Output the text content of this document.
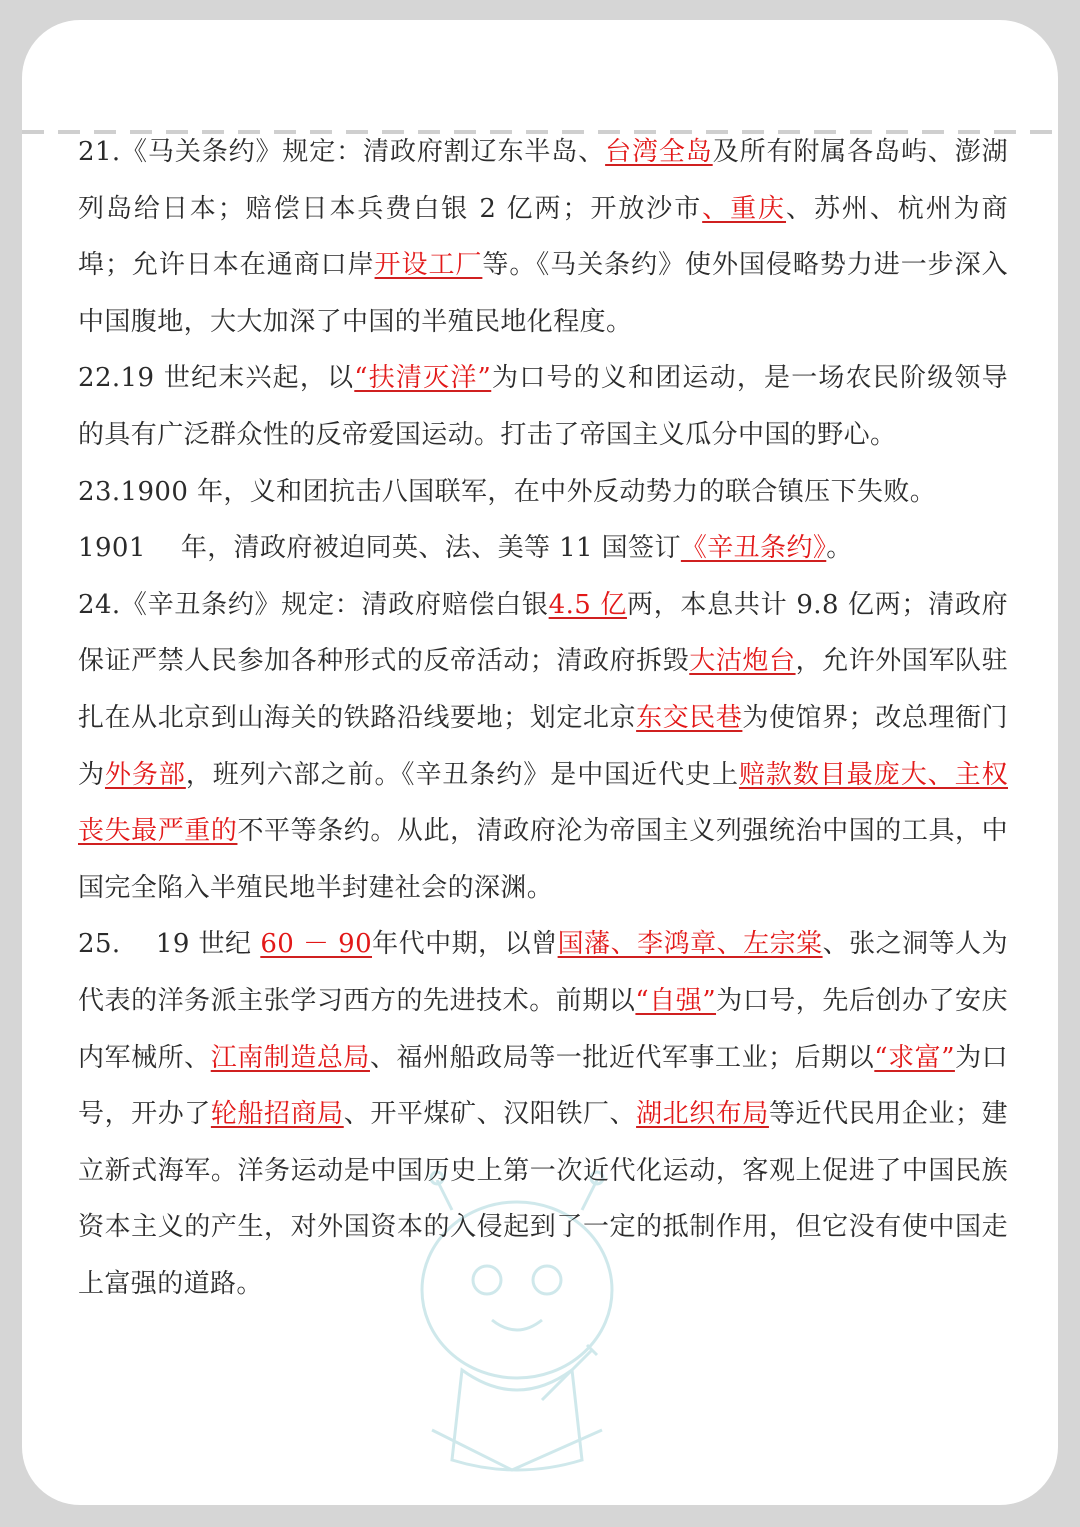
21.《马关条约》规定：清政府割辽东半岛、台湾全岛及所有附属各岛屿、澎湖列岛给日本；赔偿日本兵费白银 2 亿两；开放沙市、重庆、苏州、杭州为商埠；允许日本在通商口岸开设工厂等。《马关条约》使外国侵略势力进一步深入中国腹地，大大加深了中国的半殖民地化程度。

22.19 世纪末兴起，以“扶清灭洋”为口号的义和团运动，是一场农民阶级领导的具有广泛群众性的反帝爱国运动。打击了帝国主义瓜分中国的野心。

23.1900 年，义和团抗击八国联军，在中外反动势力的联合镇压下失败。

1901　 年，清政府被迫同英、法、美等 11 国签订《辛丑条约》。

24.《辛丑条约》规定：清政府赔偿白银4.5 亿两，本息共计 9.8 亿两；清政府保证严禁人民参加各种形式的反帝活动；清政府拆毁大沽炮台，允许外国军队驻扎在从北京到山海关的铁路沿线要地；划定北京东交民巷为使馆界；改总理衙门为外务部，班列六部之前。《辛丑条约》是中国近代史上赔款数目最庞大、主权丧失最严重的不平等条约。从此，清政府沦为帝国主义列强统治中国的工具，中国完全陷入半殖民地半封建社会的深渊。

25.　 19 世纪 60 － 90年代中期，以曾国藩、李鸿章、左宗棠、张之洞等人为代表的洋务派主张学习西方的先进技术。前期以“自强”为口号，先后创办了安庆内军械所、江南制造总局、福州船政局等一批近代军事工业；后期以“求富”为口号，开办了轮船招商局、开平煤矿、汉阳铁厂、湖北织布局等近代民用企业；建立新式海军。洋务运动是中国历史上第一次近代化运动，客观上促进了中国民族资本主义的产生，对外国资本的入侵起到了一定的抵制作用，但它没有使中国走上富强的道路。
